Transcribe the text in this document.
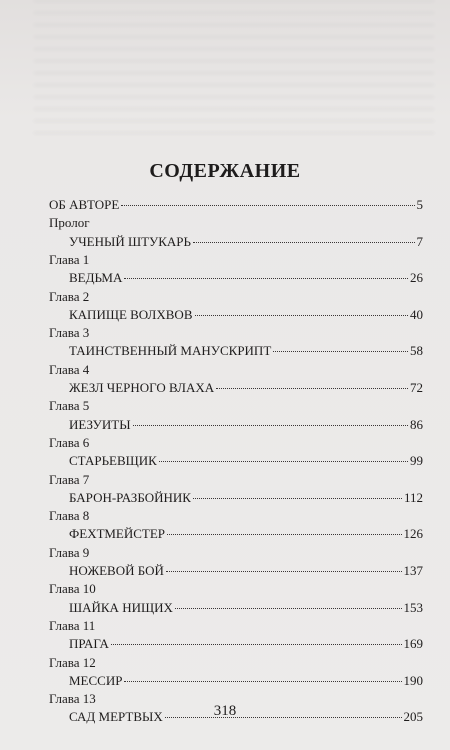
СОДЕРЖАНИЕ
ОБ АВТОРЕ	5
Пролог
УЧЕНЫЙ ШТУКАРЬ	7
Глава 1
ВЕДЬМА	26
Глава 2
КАПИЩЕ ВОЛХВОВ	40
Глава 3
ТАИНСТВЕННЫЙ МАНУСКРИПТ	58
Глава 4
ЖЕЗЛ ЧЕРНОГО ВЛАХА	72
Глава 5
ИЕЗУИТЫ	86
Глава 6
СТАРЬЕВЩИК	99
Глава 7
БАРОН-РАЗБОЙНИК	112
Глава 8
ФЕХТМЕЙСТЕР	126
Глава 9
НОЖЕВОЙ БОЙ	137
Глава 10
ШАЙКА НИЩИХ	153
Глава 11
ПРАГА	169
Глава 12
МЕССИР	190
Глава 13
САД МЕРТВЫХ	205
318
